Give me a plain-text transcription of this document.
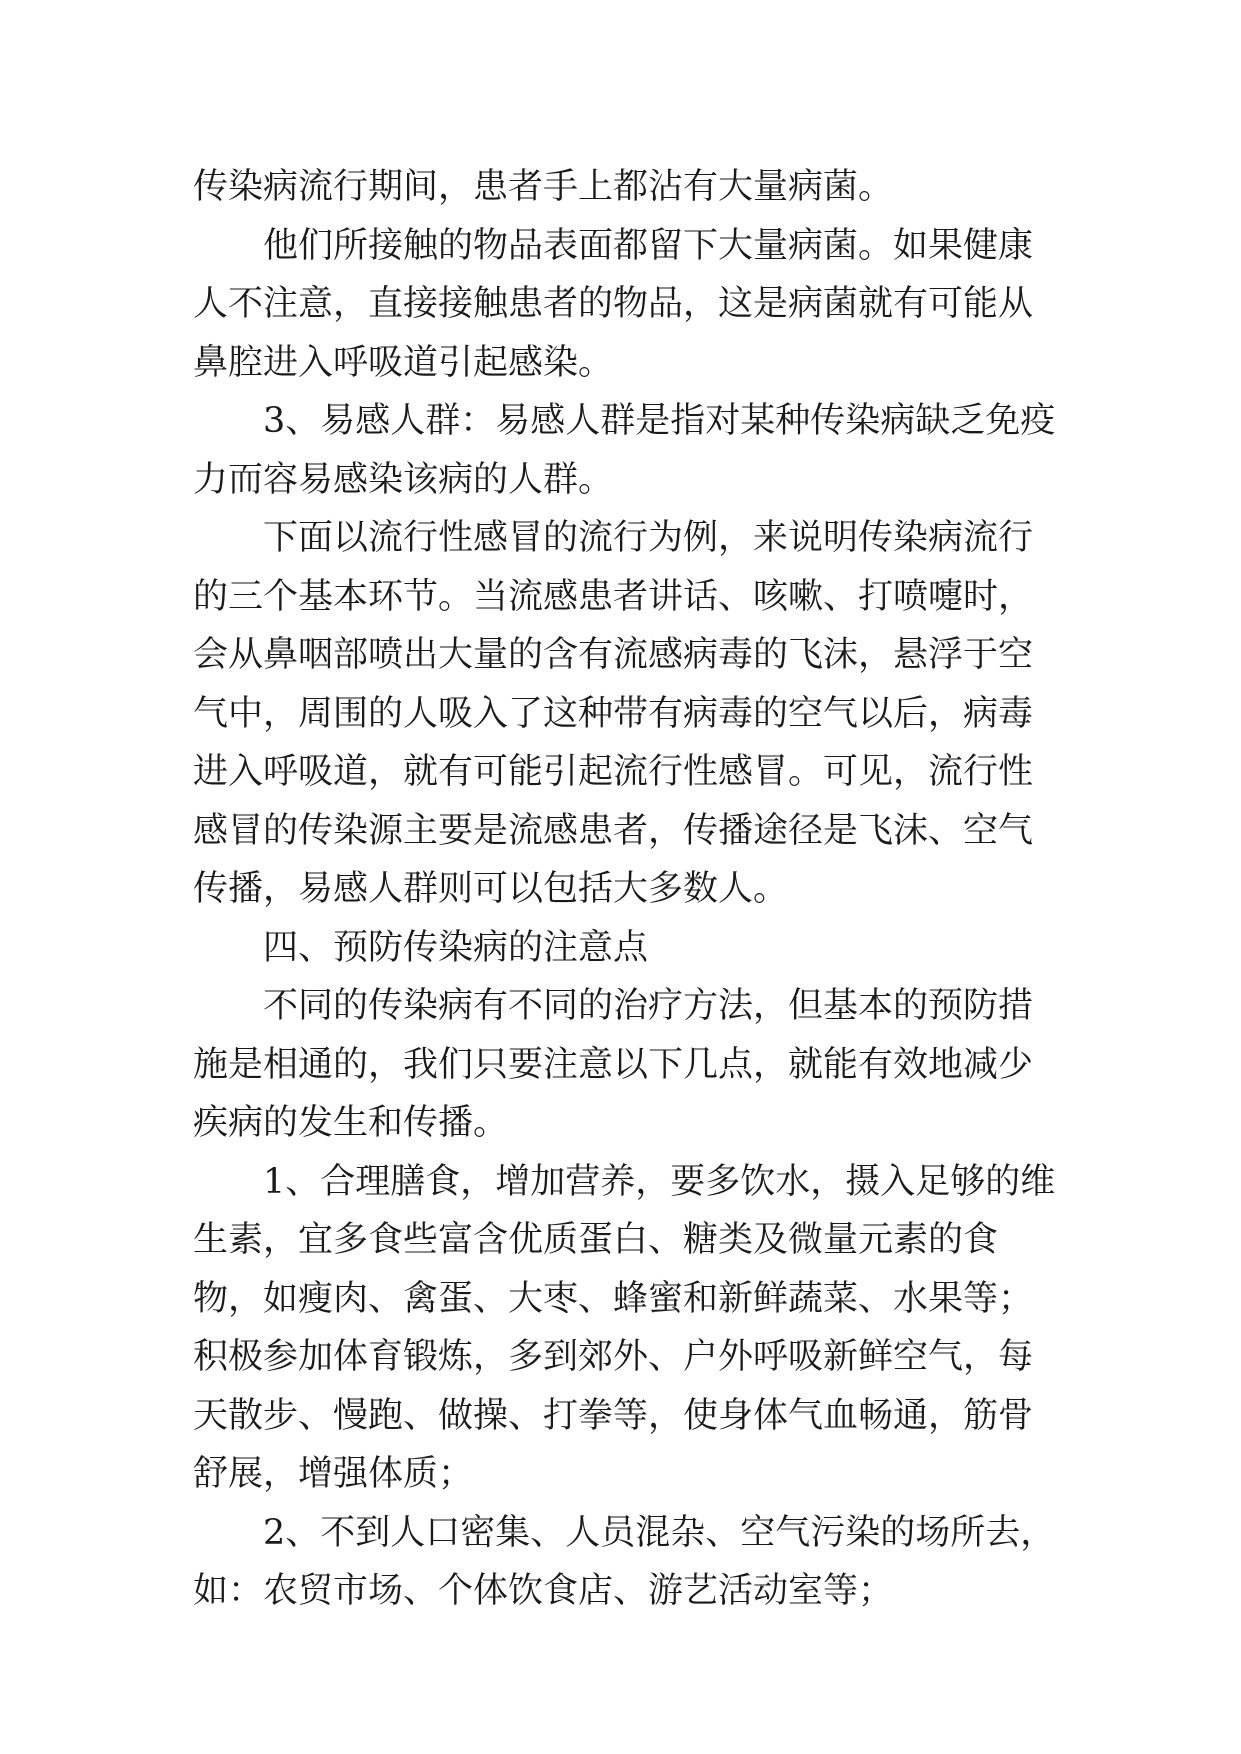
传染病流行期间，患者手上都沾有大量病菌。

他们所接触的物品表面都留下大量病菌。如果健康人不注意，直接接触患者的物品，这是病菌就有可能从鼻腔进入呼吸道引起感染。

3、易感人群：易感人群是指对某种传染病缺乏免疫力而容易感染该病的人群。

下面以流行性感冒的流行为例，来说明传染病流行的三个基本环节。当流感患者讲话、咳嗽、打喷嚏时，会从鼻咽部喷出大量的含有流感病毒的飞沫，悬浮于空气中，周围的人吸入了这种带有病毒的空气以后，病毒进入呼吸道，就有可能引起流行性感冒。可见，流行性感冒的传染源主要是流感患者，传播途径是飞沫、空气传播，易感人群则可以包括大多数人。

四、预防传染病的注意点

不同的传染病有不同的治疗方法，但基本的预防措施是相通的，我们只要注意以下几点，就能有效地减少疾病的发生和传播。

1、合理膳食，增加营养，要多饮水，摄入足够的维生素，宜多食些富含优质蛋白、糖类及微量元素的食物，如瘦肉、禽蛋、大枣、蜂蜜和新鲜蔬菜、水果等；积极参加体育锻炼，多到郊外、户外呼吸新鲜空气，每天散步、慢跑、做操、打拳等，使身体气血畅通，筋骨舒展，增强体质；

2、不到人口密集、人员混杂、空气污染的场所去，如：农贸市场、个体饮食店、游艺活动室等；
